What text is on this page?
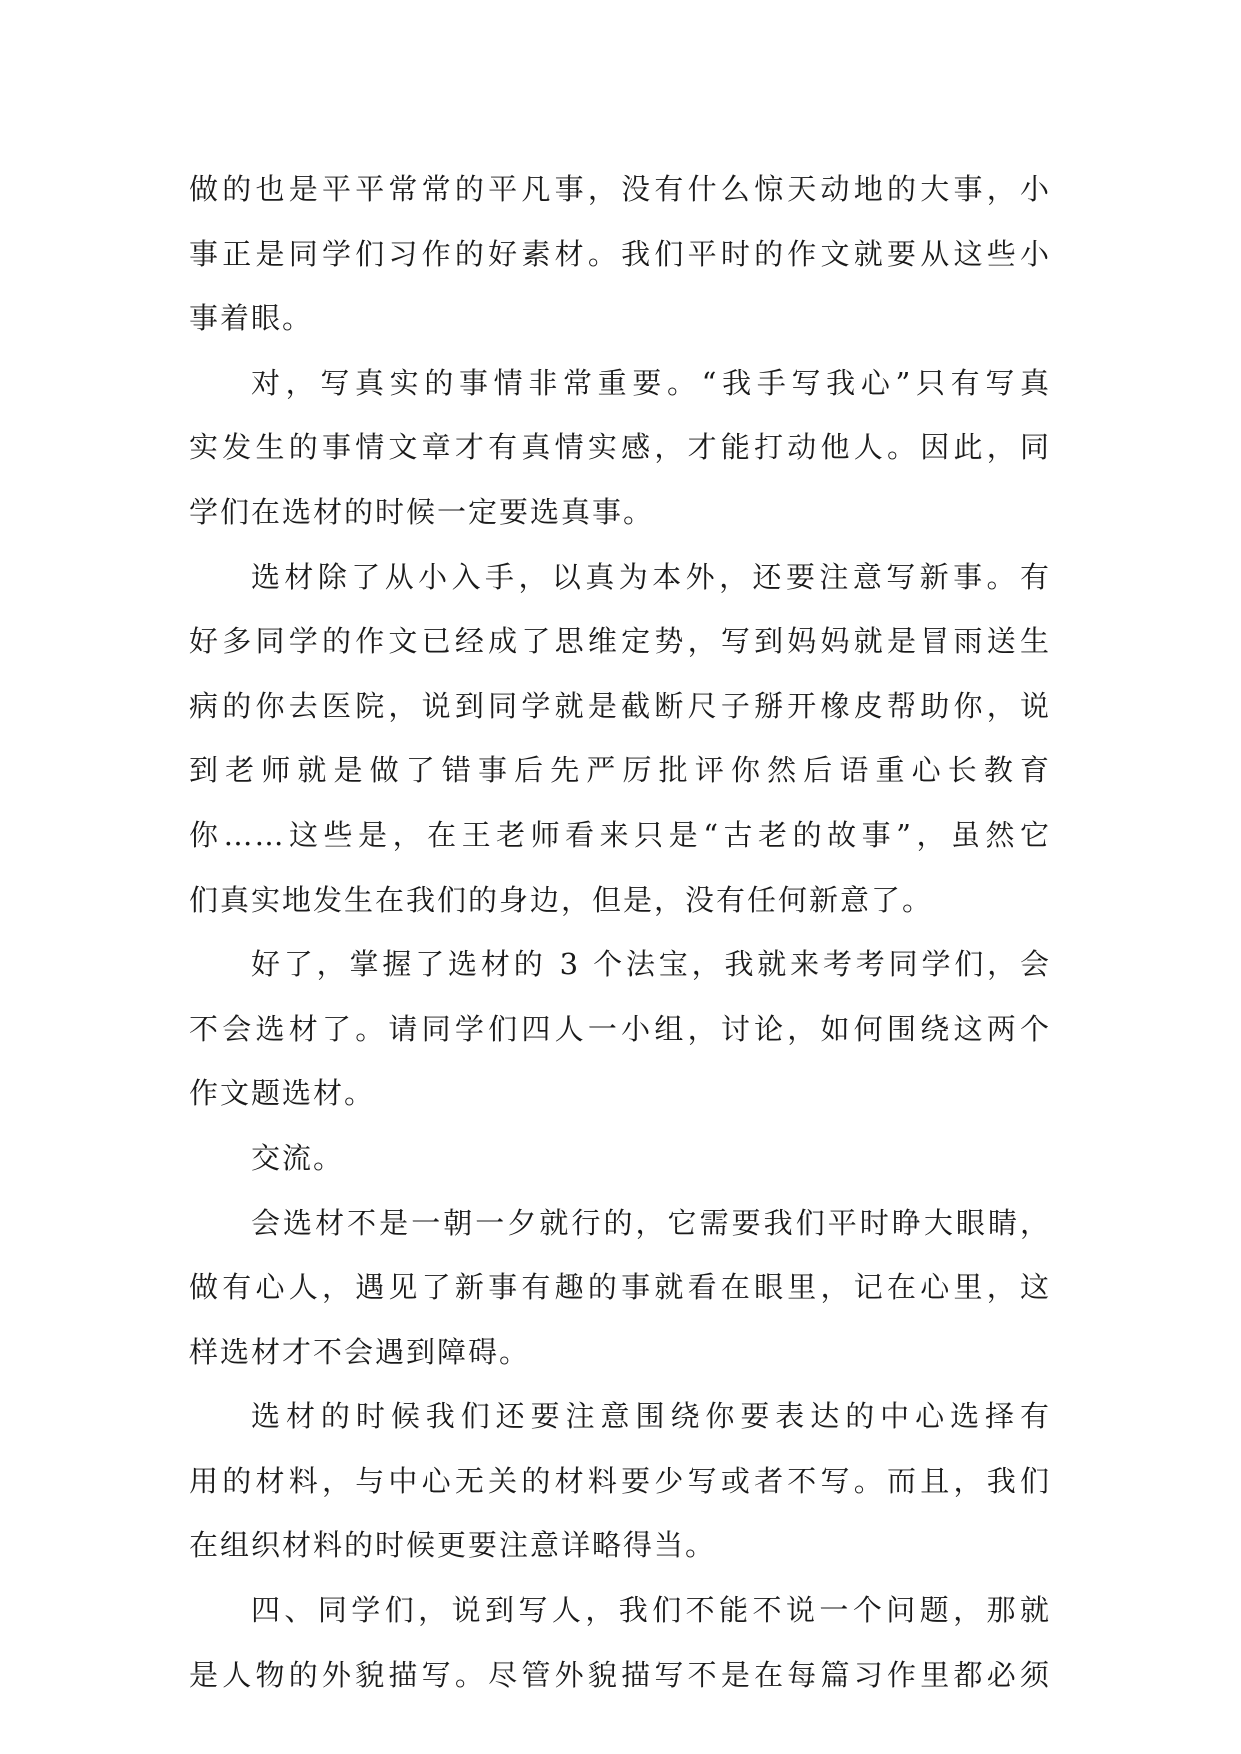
做的也是平平常常的平凡事，没有什么惊天动地的大事，小
事正是同学们习作的好素材。我们平时的作文就要从这些小
事着眼。
对，写真实的事情非常重要。“我手写我心”只有写真
实发生的事情文章才有真情实感，才能打动他人。因此，同
学们在选材的时候一定要选真事。
选材除了从小入手，以真为本外，还要注意写新事。有
好多同学的作文已经成了思维定势，写到妈妈就是冒雨送生
病的你去医院，说到同学就是截断尺子掰开橡皮帮助你，说
到老师就是做了错事后先严厉批评你然后语重心长教育
你……这些是，在王老师看来只是“古老的故事”，虽然它
们真实地发生在我们的身边，但是，没有任何新意了。
好了，掌握了选材的 3 个法宝，我就来考考同学们，会
不会选材了。请同学们四人一小组，讨论，如何围绕这两个
作文题选材。
交流。
会选材不是一朝一夕就行的，它需要我们平时睁大眼睛，
做有心人，遇见了新事有趣的事就看在眼里，记在心里，这
样选材才不会遇到障碍。
选材的时候我们还要注意围绕你要表达的中心选择有
用的材料，与中心无关的材料要少写或者不写。而且，我们
在组织材料的时候更要注意详略得当。
四、同学们，说到写人，我们不能不说一个问题，那就
是人物的外貌描写。尽管外貌描写不是在每篇习作里都必须
